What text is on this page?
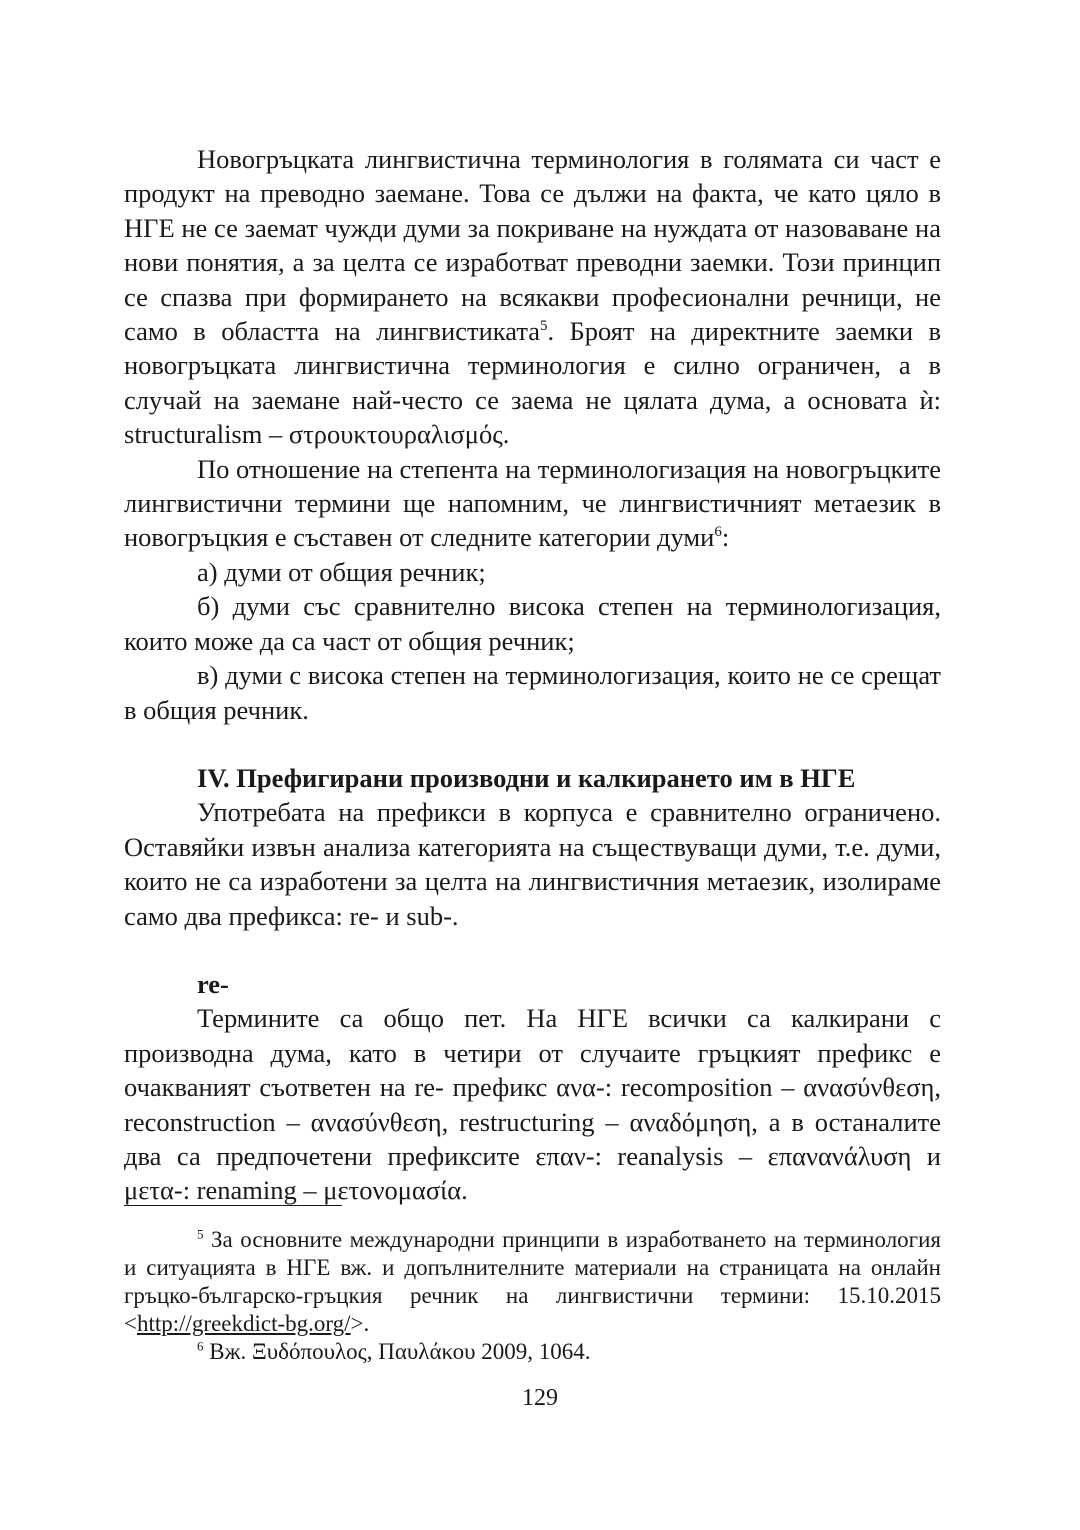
Новогръцката лингвистична терминология в голямата си част е продукт на преводно заемане. Това се дължи на факта, че като цяло в НГЕ не се заемат чужди думи за покриване на нуждата от назоваване на нови понятия, а за целта се изработват преводни заемки. Този принцип се спазва при формирането на всякакви професионални речници, не само в областта на лингвистиката$^5$. Броят на директните заемки в новогръцката лингвистична терминология е силно ограничен, а в случай на заемане най-често се заема не цялата дума, а основата ѝ: structuralism – στρουκτουραλισμός.

По отношение на степента на терминологизация на новогръцките лингвистични термини ще напомним, че лингвистичният метаезик в новогръцкия е съставен от следните категории думи$^6$:

а) думи от общия речник;

б) думи със сравнително висока степен на терминологизация, които може да са част от общия речник;

в) думи с висока степен на терминологизация, които не се срещат в общия речник.

IV. Префигирани производни и калкирането им в НГЕ

Употребата на префикси в корпуса е сравнително ограничено. Оставяйки извън анализа категорията на съществуващи думи, т.е. думи, които не са изработени за целта на лингвистичния метаезик, изолираме само два префикса: re- и sub-.

re-

Термините са общо пет. На НГЕ всички са калкирани с производна дума, като в четири от случаите гръцкият префикс е очакваният съответен на re- префикс ανα-: recomposition – ανασύνθεση, reconstruction – ανασύνθεση, restructuring – αναδόμηση, а в останалите два са предпочетени префиксите επαν-: reanalysis – επανανάλυση и μετα-: renaming – μετονομασία.

$^5$ За основните международни принципи в изработването на терминология и ситуацията в НГЕ вж. и допълнителните материали на страницата на онлайн гръцко-българско-гръцкия речник на лингвистични термини: 15.10.2015 <http://greekdict-bg.org/>.

$^6$ Вж. Ξυδόπουλος, Παυλάκου 2009, 1064.

129
